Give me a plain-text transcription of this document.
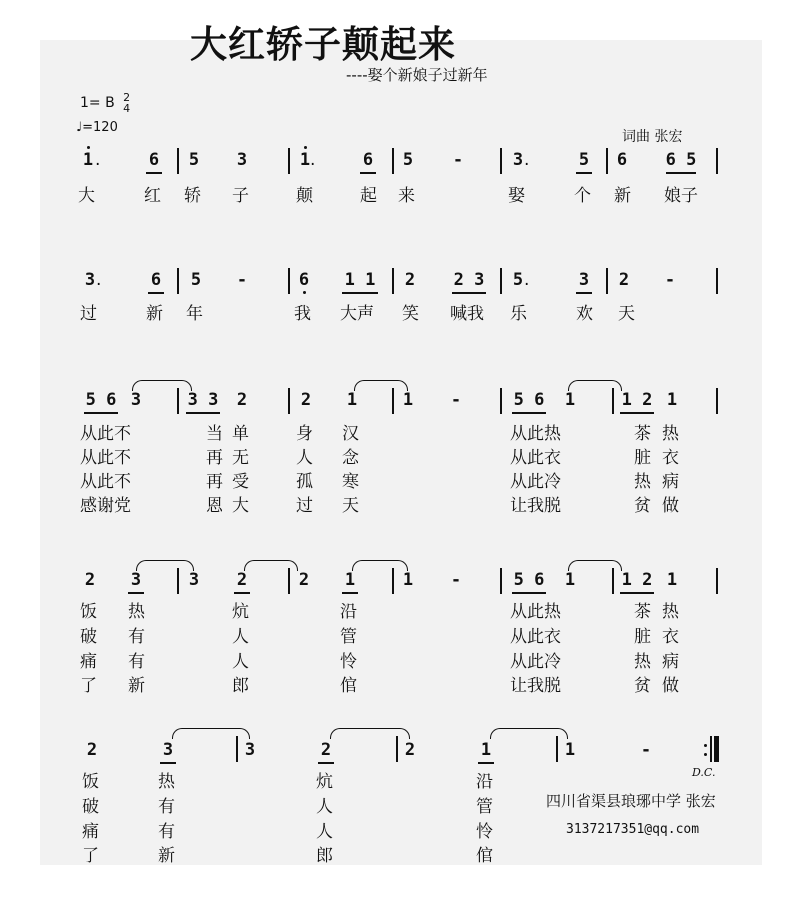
大红轿子颠起来
----娶个新娘子过新年
1= B 2
4
♩=120
词曲 张宏
1 .	6 5 3	1 .	6 5 -	3 .	5 6 6 5
大	红 轿 子	颠	起 来	娶	个 新 娘子
3 .	6 5 -	6 1 1 2 2 3 5 .	3 2 -
过	新 年	我 大声 笑 喊我 乐	欢 天
5 6 3	3 3 2	2 1	1 -	5 6 1	1 2 1
从此不	当 单	身 汉	从此热	茶 热
从此不	再 无	人 念	从此衣	脏 衣
从此不	再 受	孤 寒	从此冷	热 病
感谢党	恩 大	过 天	让我脱	贫 做
2 3	3 2	2 1	1 -	5 6 1	1 2 1
饭 热	炕	沿	从此热	茶 热
破 有	人	管	从此衣	脏 衣
痛 有	人	怜	从此冷	热 病
了 新	郎	倌	让我脱	贫 做
2	3	3	2	2	1	1	-
D.C.
饭	热	炕	沿
破	有	人	管
痛	有	人	怜
了	新	郎	倌
四川省渠县琅琊中学 张宏
3137217351@qq.com
